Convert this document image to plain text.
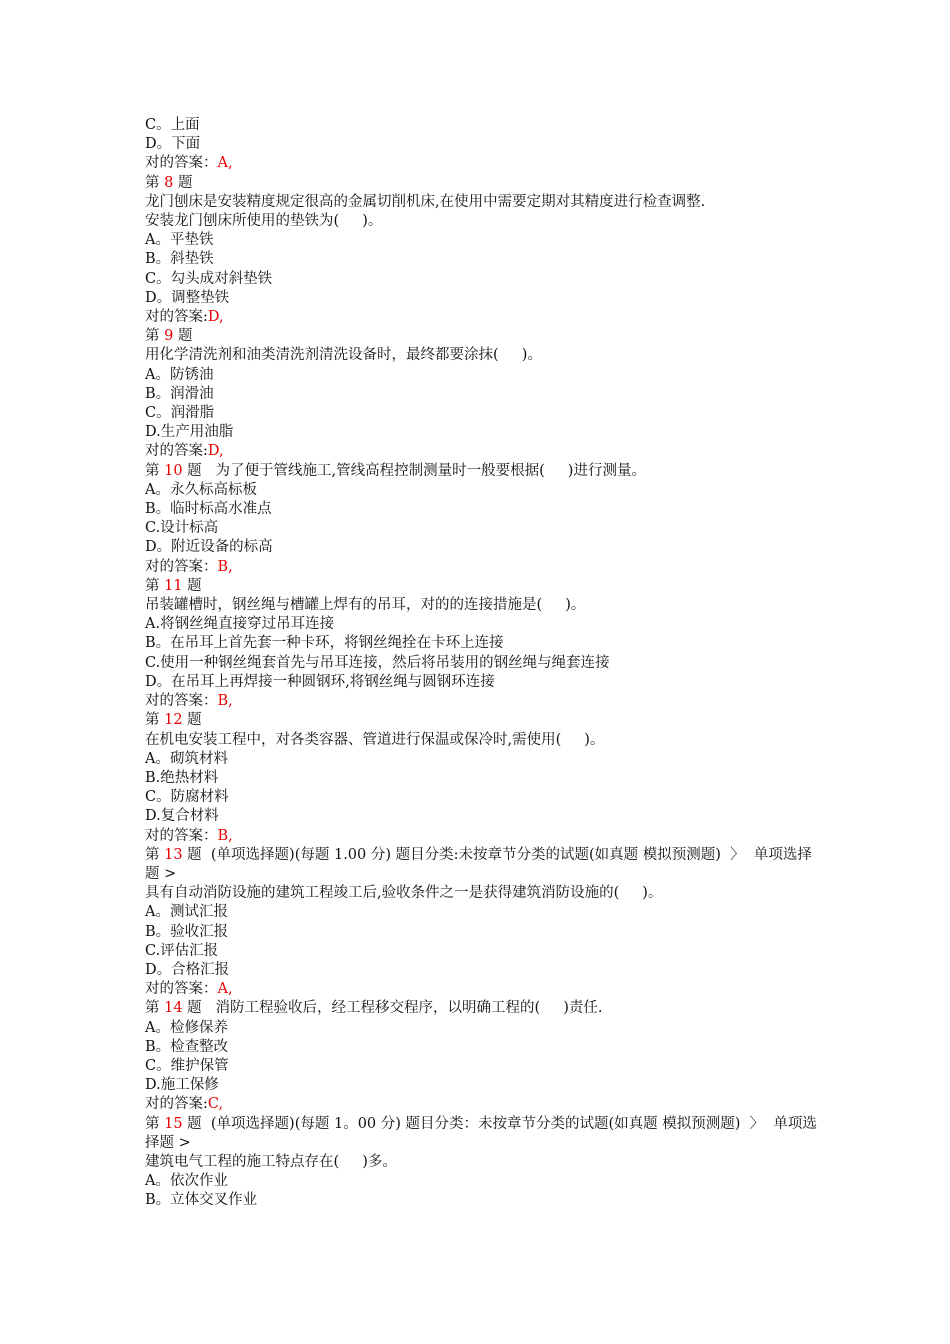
C。上面
D。下面
对的答案：A,
第 8 题
龙门刨床是安装精度规定很高的金属切削机床,在使用中需要定期对其精度进行检查调整.
安装龙门刨床所使用的垫铁为(     )。
A。平垫铁
B。斜垫铁
C。勾头成对斜垫铁
D。调整垫铁
对的答案:D,
第 9 题
用化学清洗剂和油类清洗剂清洗设备时，最终都要涂抹(     )。
A。防锈油
B。润滑油
C。润滑脂
D.生产用油脂
对的答案:D,
第 10 题   为了便于管线施工,管线高程控制测量时一般要根据(     )进行测量。
A。永久标高标板
B。临时标高水准点
C.设计标高
D。附近设备的标高
对的答案：B,
第 11 题
吊装罐槽时，钢丝绳与槽罐上焊有的吊耳，对的的连接措施是(     )。
A.将钢丝绳直接穿过吊耳连接
B。在吊耳上首先套一种卡环，将钢丝绳拴在卡环上连接
C.使用一种钢丝绳套首先与吊耳连接，然后将吊装用的钢丝绳与绳套连接
D。在吊耳上再焊接一种圆钢环,将钢丝绳与圆钢环连接
对的答案：B,
第 12 题
在机电安装工程中，对各类容器、管道进行保温或保冷时,需使用(     )。
A。砌筑材料
B.绝热材料
C。防腐材料
D.复合材料
对的答案：B,
第 13 题  (单项选择题)(每题 1.00 分) 题目分类:未按章节分类的试题(如真题 模拟预测题)  〉  单项选择题 >
具有自动消防设施的建筑工程竣工后,验收条件之一是获得建筑消防设施的(     )。
A。测试汇报
B。验收汇报
C.评估汇报
D。合格汇报
对的答案：A,
第 14 题   消防工程验收后，经工程移交程序，以明确工程的(     )责任.
A。检修保养
B。检查整改
C。维护保管
D.施工保修
对的答案:C,
第 15 题  (单项选择题)(每题 1。00 分) 题目分类：未按章节分类的试题(如真题 模拟预测题)  〉  单项选择题 >
建筑电气工程的施工特点存在(     )多。
A。依次作业
B。立体交叉作业
